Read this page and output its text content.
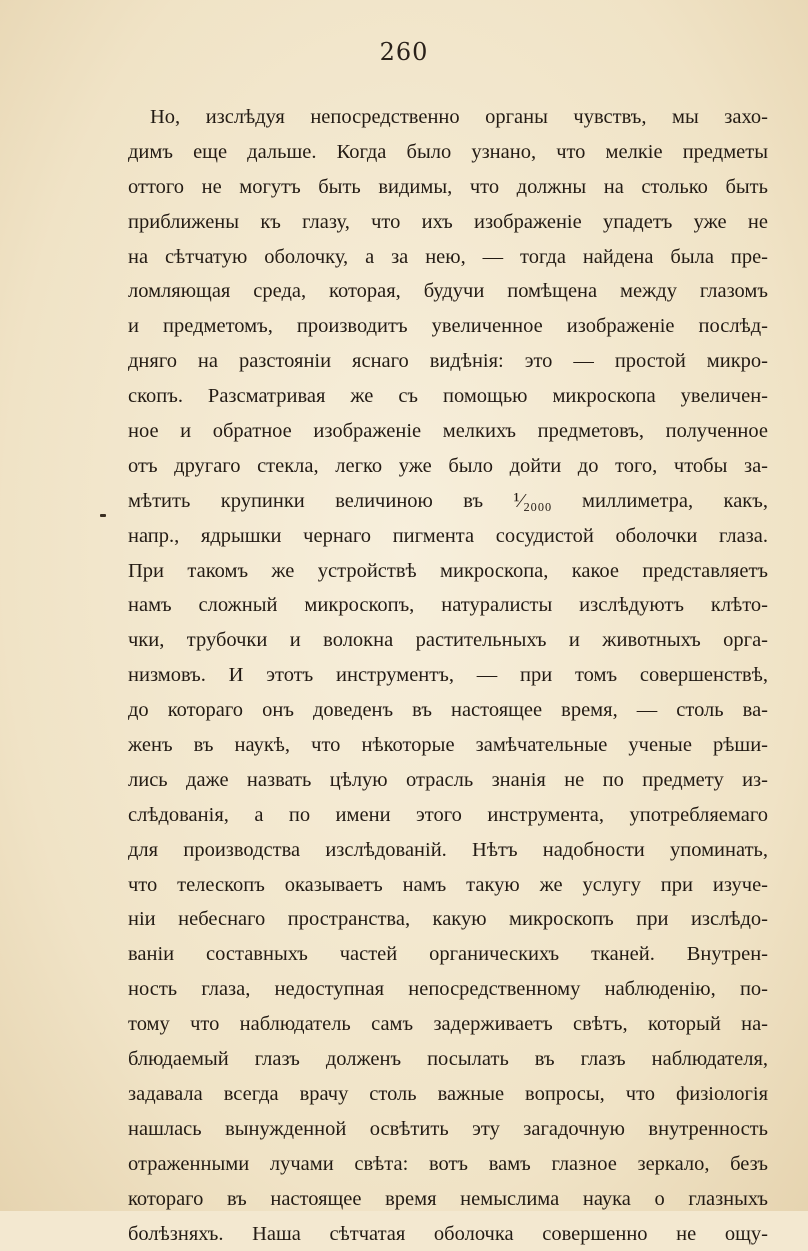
260
Но, изслѣдуя непосредственно органы чувствъ, мы захо-
димъ еще дальше. Когда было узнано, что мелкіе предметы
оттого не могутъ быть видимы, что должны на столько быть
приближены къ глазу, что ихъ изображеніе упадетъ уже не
на сѣтчатую оболочку, а за нею, — тогда найдена была пре-
ломляющая среда, которая, будучи помѣщена между глазомъ
и предметомъ, производитъ увеличенное изображеніе послѣд-
дняго на разстояніи яснаго видѣнія: это — простой микро-
скопъ. Разсматривая же съ помощью микроскопа увеличен-
ное и обратное изображеніе мелкихъ предметовъ, полученное
отъ другаго стекла, легко уже было дойти до того, чтобы за-
мѣтить крупинки величиною въ ¹⁄₂₀₀₀ миллиметра, какъ,
напр., ядрышки чернаго пигмента сосудистой оболочки глаза.
При такомъ же устройствѣ микроскопа, какое представляетъ
намъ сложный микроскопъ, натуралисты изслѣдуютъ клѣто-
чки, трубочки и волокна растительныхъ и животныхъ орга-
низмовъ. И этотъ инструментъ, — при томъ совершенствѣ,
до котораго онъ доведенъ въ настоящее время, — столь ва-
женъ въ наукѣ, что нѣкоторые замѣчательные ученые рѣши-
лись даже назвать цѣлую отрасль знанія не по предмету из-
слѣдованія, а по имени этого инструмента, употребляемаго
для производства изслѣдованій. Нѣтъ надобности упоминать,
что телескопъ оказываетъ намъ такую же услугу при изуче-
ніи небеснаго пространства, какую микроскопъ при изслѣдо-
ваніи составныхъ частей органическихъ тканей. Внутрен-
ность глаза, недоступная непосредственному наблюденію, по-
тому что наблюдатель самъ задерживаетъ свѣтъ, который на-
блюдаемый глазъ долженъ посылать въ глазъ наблюдателя,
задавала всегда врачу столь важные вопросы, что физіологія
нашлась вынужденной освѣтить эту загадочную внутренность
отраженными лучами свѣта: вотъ вамъ глазное зеркало, безъ
котораго въ настоящее время немыслима наука о глазныхъ
болѣзняхъ. Наша сѣтчатая оболочка совершенно не ощу-
